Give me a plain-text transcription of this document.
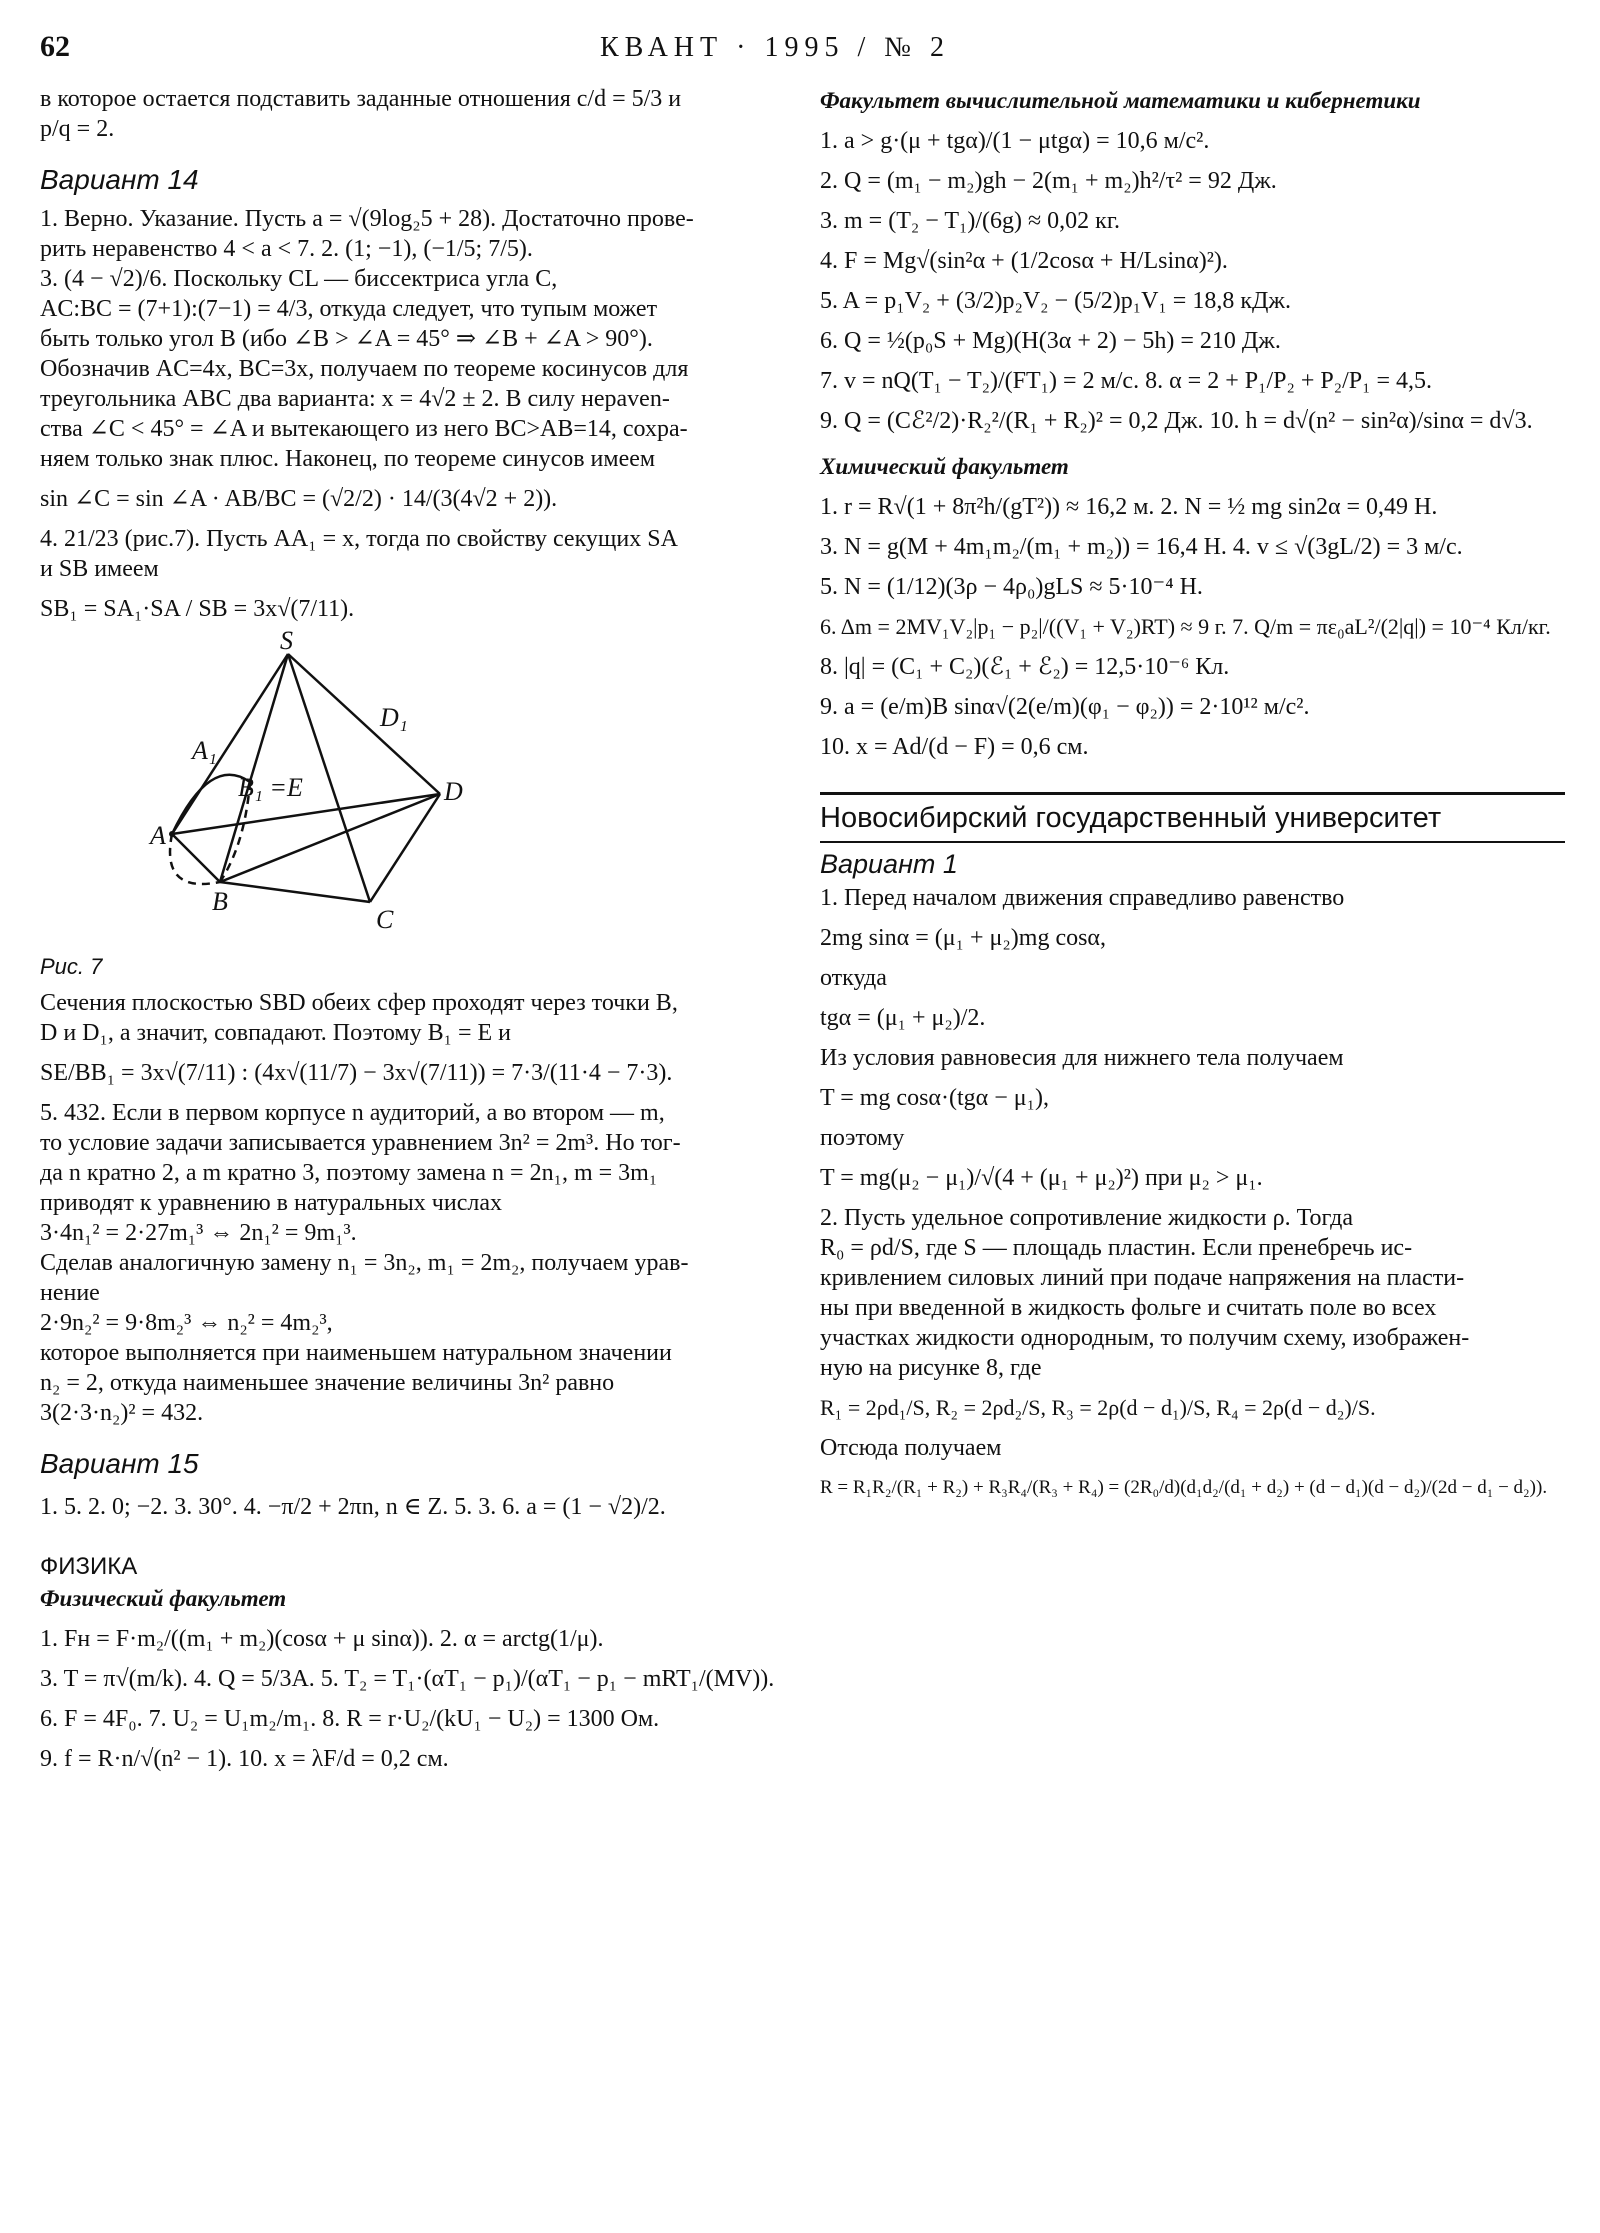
62	КВАНТ · 1995 / № 2

в которое остается подставить заданные отношения c/d = 5/3 и

p/q = 2.

Вариант 14

1. Верно. Указание. Пусть a = √(9log₂5 + 28). Достаточно прове-

рить неравенство 4 < a < 7. 2. (1; −1), (−1/5; 7/5).

3. (4 − √2)/6. Поскольку CL — биссектриса угла C,

AC:BC = (7+1):(7−1) = 4/3, откуда следует, что тупым может

быть только угол B (ибо ∠B > ∠A = 45° ⇒ ∠B + ∠A > 90°).

Обозначив AC=4x, BC=3x, получаем по теореме косинусов для

треугольника ABC два варианта: x = 4√2 ± 2. В силу нераven-

ства ∠C < 45° = ∠A и вытекающего из него BC>AB=14, сохра-

няем только знак плюс. Наконец, по теореме синусов имеем

sin ∠C = sin ∠A · AB/BC = (√2/2) · 14/(3(4√2 + 2)).

4. 21/23 (рис.7). Пусть AA₁ = x, тогда по свойству секущих SA

и SB имеем

SB₁ = SA₁·SA / SB = 3x√(7/11).

S
D₁
A₁
B₁ =E	D
A
B
C
Рис. 7

Сечения плоскостью SBD обеих сфер проходят через точки B,

D и D₁, а значит, совпадают. Поэтому B₁ = E и

SE/BB₁ = 3x√(7/11) : (4x√(11/7) − 3x√(7/11)) = 7·3/(11·4 − 7·3).

5. 432. Если в первом корпусе n аудиторий, а во втором — m,

то условие задачи записывается уравнением 3n² = 2m³. Но тог-

да n кратно 2, а m кратно 3, поэтому замена n = 2n₁, m = 3m₁

приводят к уравнению в натуральных числах

3·4n₁² = 2·27m₁³ ⇔ 2n₁² = 9m₁³.

Сделав аналогичную замену n₁ = 3n₂, m₁ = 2m₂, получаем урав-

нение

2·9n₂² = 9·8m₂³ ⇔ n₂² = 4m₂³,

которое выполняется при наименьшем натуральном значении

n₂ = 2, откуда наименьшее значение величины 3n² равно

3(2·3·n₂)² = 432.

Вариант 15

1. 5. 2. 0; −2. 3. 30°. 4. −π/2 + 2πn, n ∈ Z. 5. 3. 6. a = (1 − √2)/2.

ФИЗИКА
Физический факультет

1. Fн = F·m₂/((m₁ + m₂)(cosα + μ sinα)). 2. α = arctg(1/μ).

3. T = π√(m/k). 4. Q = 5/3A. 5. T₂ = T₁·(αT₁ − p₁)/(αT₁ − p₁ − mRT₁/(MV)).

6. F = 4F₀. 7. U₂ = U₁m₂/m₁. 8. R = r·U₂/(kU₁ − U₂) = 1300 Ом.

9. f = R·n/√(n² − 1). 10. x = λF/d = 0,2 см.

Факультет вычислительной математики и кибернетики

1. a > g·(μ + tgα)/(1 − μtgα) = 10,6 м/с².

2. Q = (m₁ − m₂)gh − 2(m₁ + m₂)h²/τ² = 92 Дж.

3. m = (T₂ − T₁)/(6g) ≈ 0,02 кг.

4. F = Mg√(sin²α + (1/2cosα + H/Lsinα)²).

5. A = p₁V₂ + (3/2)p₂V₂ − (5/2)p₁V₁ = 18,8 кДж.

6. Q = ½(p₀S + Mg)(H(3α + 2) − 5h) = 210 Дж.

7. v = nQ(T₁ − T₂)/(FT₁) = 2 м/с. 8. α = 2 + P₁/P₂ + P₂/P₁ = 4,5.

9. Q = (Cℰ²/2)·R₂²/(R₁ + R₂)² = 0,2 Дж. 10. h = d√(n² − sin²α)/sinα = d√3.

Химический факультет

1. r = R√(1 + 8π²h/(gT²)) ≈ 16,2 м. 2. N = ½ mg sin2α = 0,49 Н.

3. N = g(M + 4m₁m₂/(m₁ + m₂)) = 16,4 Н. 4. v ≤ √(3gL/2) = 3 м/с.

5. N = (1/12)(3ρ − 4ρ₀)gLS ≈ 5·10⁻⁴ Н.

6. Δm = 2MV₁V₂|p₁ − p₂|/((V₁ + V₂)RT) ≈ 9 г. 7. Q/m = πε₀aL²/(2|q|) = 10⁻⁴ Кл/кг.

8. |q| = (C₁ + C₂)(ℰ₁ + ℰ₂) = 12,5·10⁻⁶ Кл.

9. a = (e/m)B sinα√(2(e/m)(φ₁ − φ₂)) = 2·10¹² м/с².

10. x = Ad/(d − F) = 0,6 см.

Новосибирский государственный университет
Вариант 1

1. Перед началом движения справедливо равенство

2mg sinα = (μ₁ + μ₂)mg cosα,

откуда

tgα = (μ₁ + μ₂)/2.

Из условия равновесия для нижнего тела получаем

T = mg cosα·(tgα − μ₁),

поэтому

T = mg(μ₂ − μ₁)/√(4 + (μ₁ + μ₂)²) при μ₂ > μ₁.

2. Пусть удельное сопротивление жидкости ρ. Тогда

R₀ = ρd/S, где S — площадь пластин. Если пренебречь ис-

кривлением силовых линий при подаче напряжения на пласти-

ны при введенной в жидкость фольге и считать поле во всех

участках жидкости однородным, то получим схему, изображен-

ную на рисунке 8, где

R₁ = 2ρd₁/S, R₂ = 2ρd₂/S, R₃ = 2ρ(d − d₁)/S, R₄ = 2ρ(d − d₂)/S.

Отсюда получаем

R = R₁R₂/(R₁ + R₂) + R₃R₄/(R₃ + R₄) = (2R₀/d)(d₁d₂/(d₁ + d₂) + (d − d₁)(d − d₂)/(2d − d₁ − d₂)).
